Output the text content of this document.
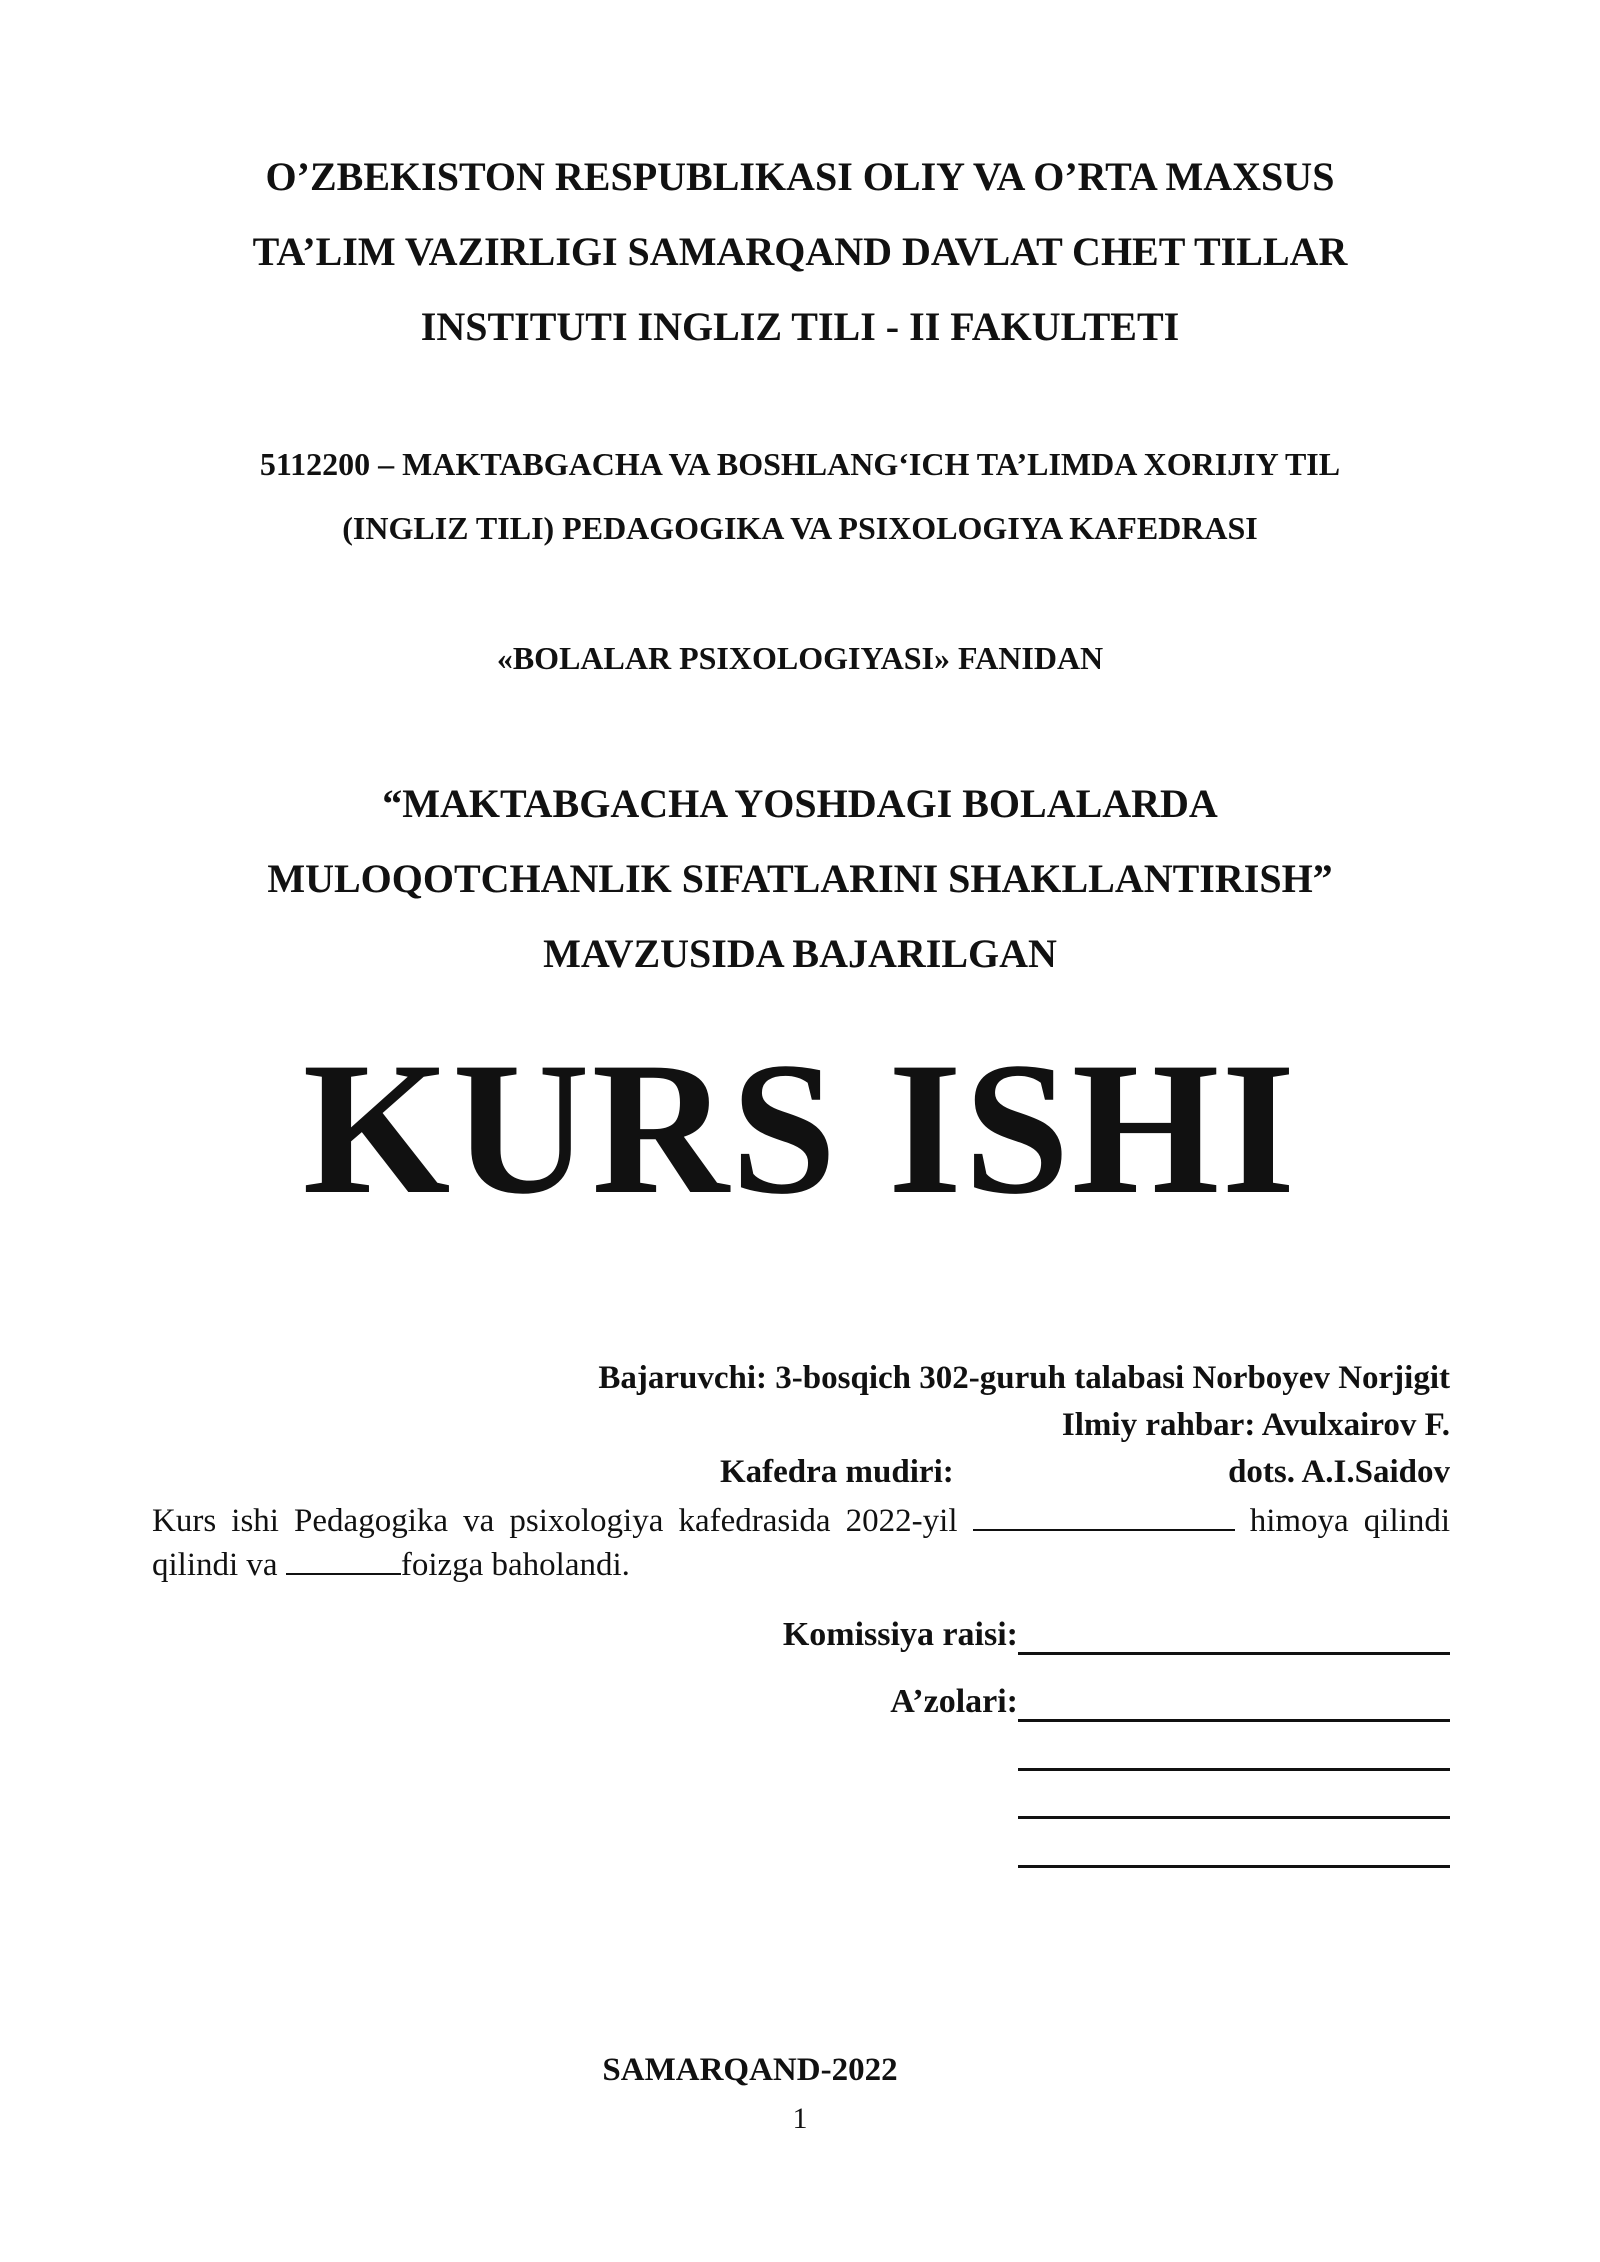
O’ZBEKISTON RESPUBLIKASI OLIY VA O’RTA MAXSUS
TA’LIM VAZIRLIGI SAMARQAND DAVLAT CHET TILLAR
INSTITUTI INGLIZ TILI - II FAKULTETI
5112200 – MAKTABGACHA VA BOSHLANG‘ICH TA’LIMDA XORIJIY TIL
(INGLIZ TILI) PEDAGOGIKA VA PSIXOLOGIYA KAFEDRASI
«BOLALAR PSIXOLOGIYASI» FANIDAN
“MAKTABGACHA YOSHDAGI BOLALARDA
MULOQOTCHANLIK SIFATLARINI SHAKLLANTIRISH”
MAVZUSIDA BAJARILGAN
KURS ISHI
Bajaruvchi: 3-bosqich 302-guruh talabasi Norboyev Norjigit
Ilmiy rahbar: Avulxairov F.
Kafedra mudiri:	dots. A.I.Saidov
Kurs ishi Pedagogika va psixologiya kafedrasida 2022-yil	himoya qilindi qilindi va	foizga baholandi.
Komissiya raisi:
A’zolari:
SAMARQAND-2022
1
